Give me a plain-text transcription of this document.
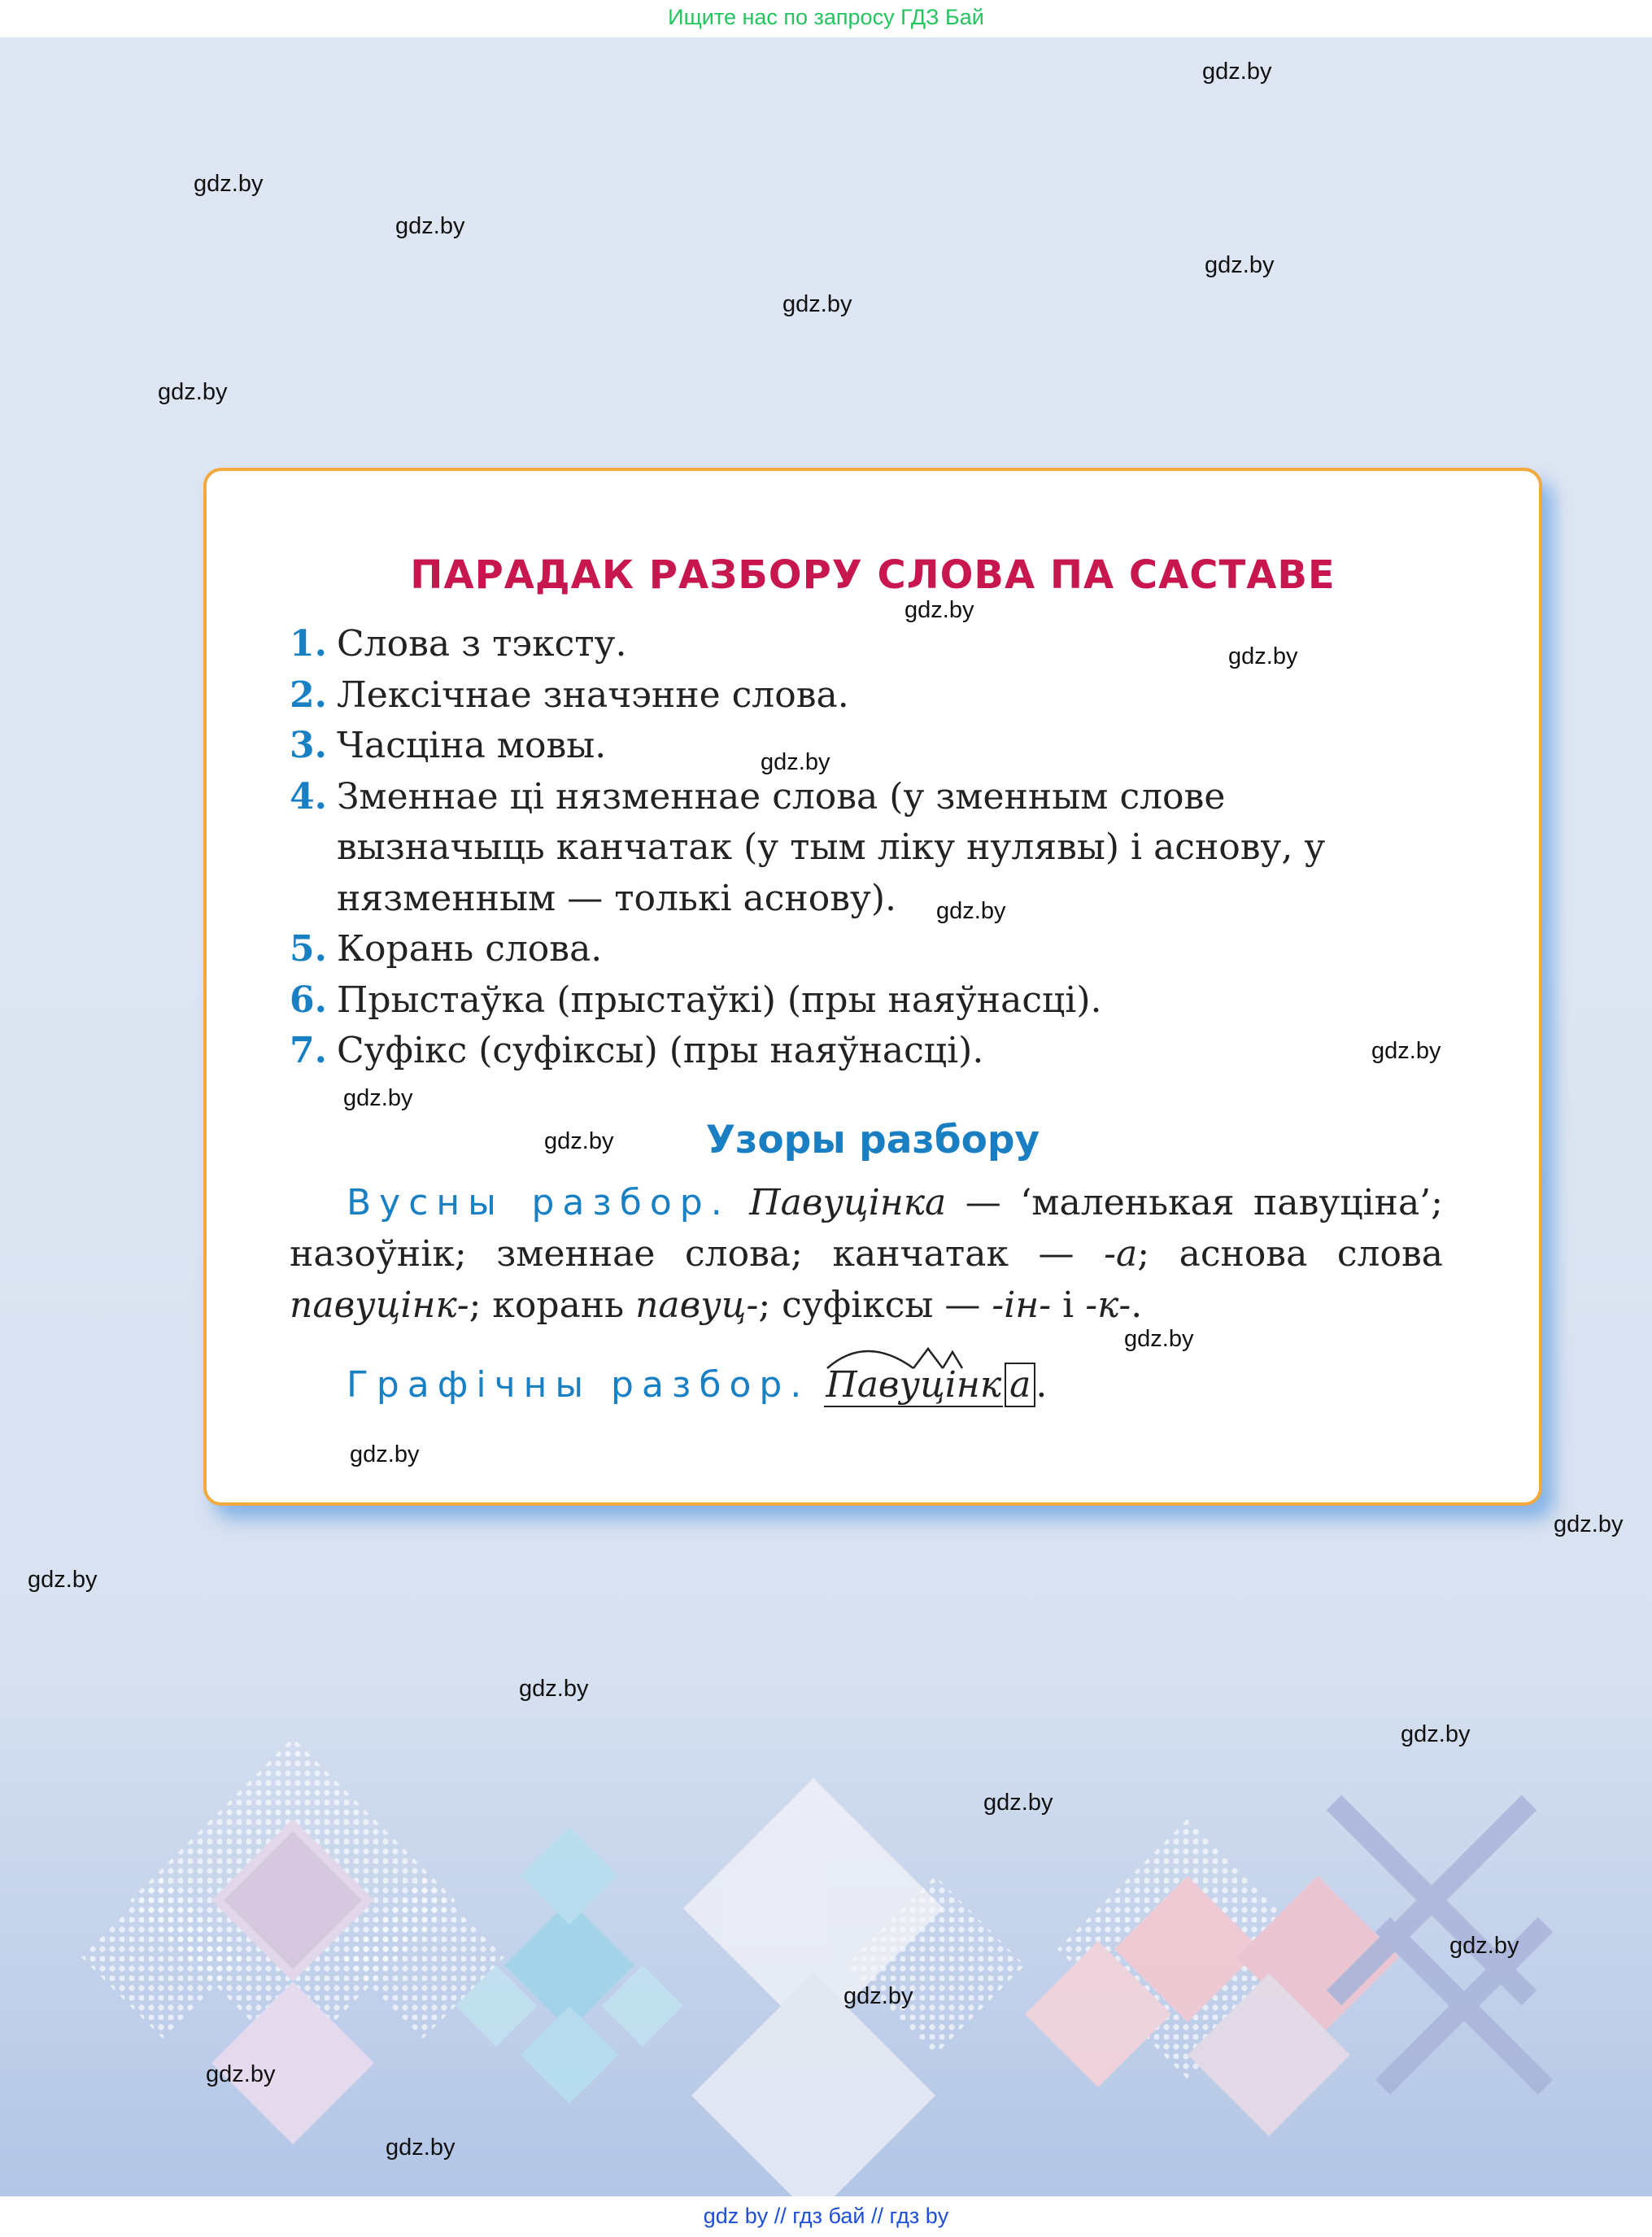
Ищите нас по запросу ГДЗ Бай
gdz.by
gdz.by
gdz.by
gdz.by
gdz.by
gdz.by
gdz.by
gdz.by
gdz.by
gdz.by
gdz.by
gdz.by
gdz.by
gdz.by
gdz.by
ПАРАДАК РАЗБОРУ СЛОВА ПА САСТАВЕ
1. Слова з тэксту.
2. Лексічнае значэнне слова.
3. Часціна мовы.
4. Зменнае ці нязменнае слова (у зменным слове вызначыць канчатак (у тым ліку нулявы) і аснову, у нязменным — толькі аснову).
5. Корань слова.
6. Прыстаўка (прыстаўкі) (пры наяўнасці).
7. Суфікс (суфіксы) (пры наяўнасці).
Узоры разбору

Вусны разбор. Павуцінка — ‘маленькая павуціна’; назоўнік; зменнае слова; канчатак — -а; аснова слова павуцінк-; корань павуц-; суфіксы — -ін- і -к-.

Графічны разбор. Павуцінк а .
gdz.by
gdz.by
gdz.by
gdz.by
gdz.by
gdz.by
gdz.by
gdz.by
gdz.by
gdz by // гдз бай // гдз by
